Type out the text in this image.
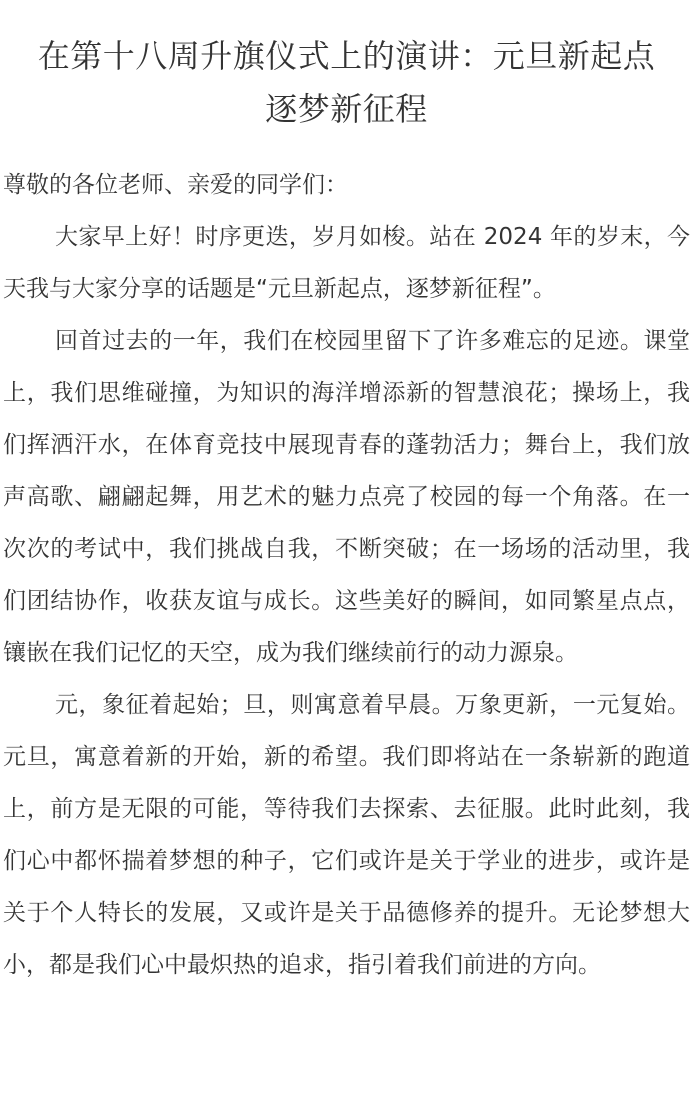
在第十八周升旗仪式上的演讲：元旦新起点
逐梦新征程

尊敬的各位老师、亲爱的同学们：

大家早上好！时序更迭，岁月如梭。站在 2024 年的岁末，今天我与大家分享的话题是“元旦新起点，逐梦新征程”。

回首过去的一年，我们在校园里留下了许多难忘的足迹。课堂上，我们思维碰撞，为知识的海洋增添新的智慧浪花；操场上，我们挥洒汗水，在体育竞技中展现青春的蓬勃活力；舞台上，我们放声高歌、翩翩起舞，用艺术的魅力点亮了校园的每一个角落。在一次次的考试中，我们挑战自我，不断突破；在一场场的活动里，我们团结协作，收获友谊与成长。这些美好的瞬间，如同繁星点点，镶嵌在我们记忆的天空，成为我们继续前行的动力源泉。

元，象征着起始；旦，则寓意着早晨。万象更新，一元复始。元旦，寓意着新的开始，新的希望。我们即将站在一条崭新的跑道上，前方是无限的可能，等待我们去探索、去征服。此时此刻，我们心中都怀揣着梦想的种子，它们或许是关于学业的进步，或许是关于个人特长的发展，又或许是关于品德修养的提升。无论梦想大小，都是我们心中最炽热的追求，指引着我们前进的方向。
